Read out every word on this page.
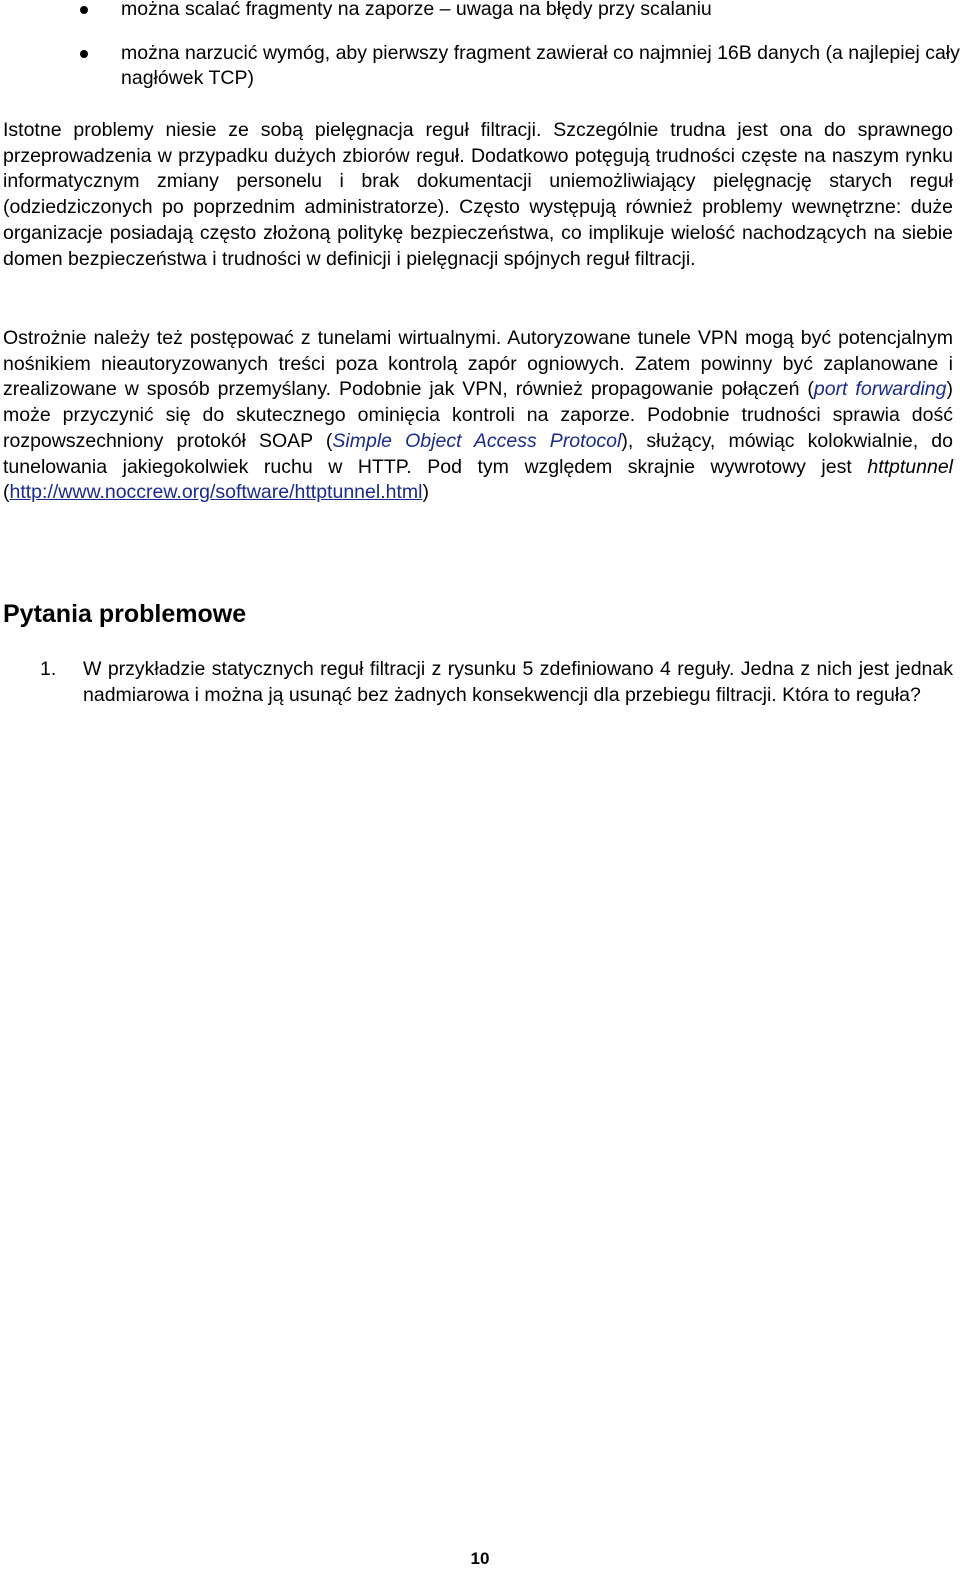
można scalać fragmenty na zaporze – uwaga na błędy przy scalaniu
można narzucić wymóg, aby pierwszy fragment zawierał co najmniej 16B danych (a najlepiej cały nagłówek TCP)

Istotne problemy niesie ze sobą pielęgnacja reguł filtracji. Szczególnie trudna jest ona do sprawnego przeprowadzenia w przypadku dużych zbiorów reguł. Dodatkowo potęgują trudności częste na naszym rynku informatycznym zmiany personelu i brak dokumentacji uniemożliwiający pielęgnację starych reguł (odziedziczonych po poprzednim administratorze). Często występują również problemy wewnętrzne: duże organizacje posiadają często złożoną politykę bezpieczeństwa, co implikuje wielość nachodzących na siebie domen bezpieczeństwa i trudności w definicji i pielęgnacji spójnych reguł filtracji.

Ostrożnie należy też postępować z tunelami wirtualnymi. Autoryzowane tunele VPN mogą być potencjalnym nośnikiem nieautoryzowanych treści poza kontrolą zapór ogniowych. Zatem powinny być zaplanowane i zrealizowane w sposób przemyślany. Podobnie jak VPN, również propagowanie połączeń (port forwarding) może przyczynić się do skutecznego ominięcia kontroli na zaporze. Podobnie trudności sprawia dość rozpowszechniony protokół SOAP (Simple Object Access Protocol), służący, mówiąc kolokwialnie, do tunelowania jakiegokolwiek ruchu w HTTP. Pod tym względem skrajnie wywrotowy jest httptunnel (http://www.noccrew.org/software/httptunnel.html)

Pytania problemowe
1. W przykładzie statycznych reguł filtracji z rysunku 5 zdefiniowano 4 reguły. Jedna z nich jest jednak nadmiarowa i można ją usunąć bez żadnych konsekwencji dla przebiegu filtracji. Która to reguła?
10
